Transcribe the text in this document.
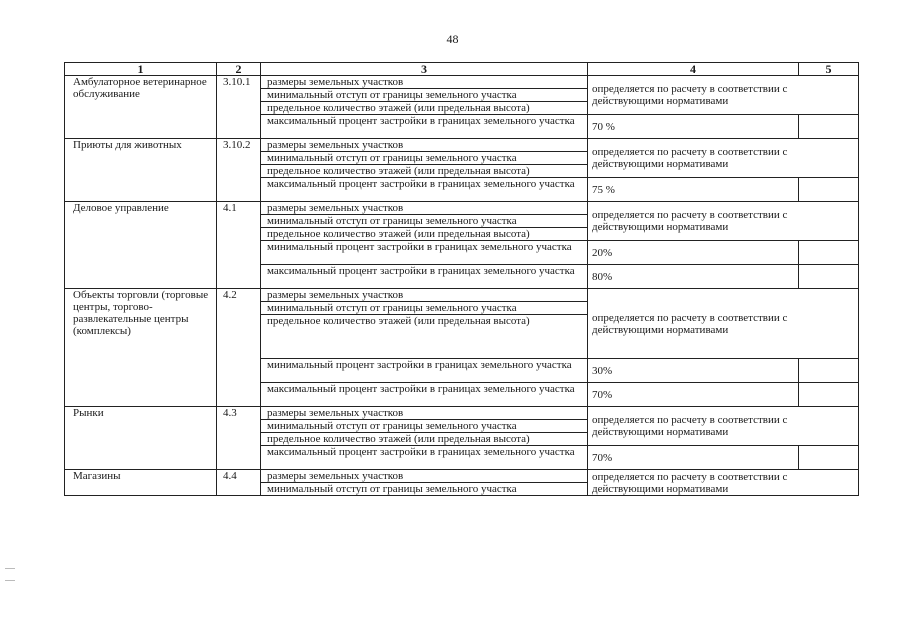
48
1	2	3	4	5
Амбулаторное ветеринарное обслуживание	3.10.1	размеры земельных участков	определяется по расчету в соответствии с действующими нормативами	
		минимальный отступ от границы земельного участка		
		предельное количество этажей (или предельная высота)		
		максимальный процент застройки в границах земельного участка	70 %	
Приюты для животных	3.10.2	размеры земельных участков	определяется по расчету в соответствии с действующими нормативами	
		минимальный отступ от границы земельного участка		
		предельное количество этажей (или предельная высота)		
		максимальный процент застройки в границах земельного участка	75 %	
Деловое управление	4.1	размеры земельных участков	определяется по расчету в соответствии с действующими нормативами	
		минимальный отступ от границы земельного участка		
		предельное количество этажей (или предельная высота)		
		минимальный процент застройки в границах земельного участка	20%	
		максимальный процент застройки в границах земельного участка	80%	
Объекты торговли (торговые центры, торгово-развлекательные центры (комплексы)	4.2	размеры земельных участков	определяется по расчету в соответствии с действующими нормативами	
		минимальный отступ от границы земельного участка		
		предельное количество этажей (или предельная высота)		
		минимальный процент застройки в границах земельного участка	30%	
		максимальный процент застройки в границах земельного участка	70%	
Рынки	4.3	размеры земельных участков	определяется по расчету в соответствии с действующими нормативами	
		минимальный отступ от границы земельного участка		
		предельное количество этажей (или предельная высота)		
		максимальный процент застройки в границах земельного участка	70%	
Магазины	4.4	размеры земельных участков	определяется по расчету в соответствии с действующими нормативами	
		минимальный отступ от границы земельного участка		
